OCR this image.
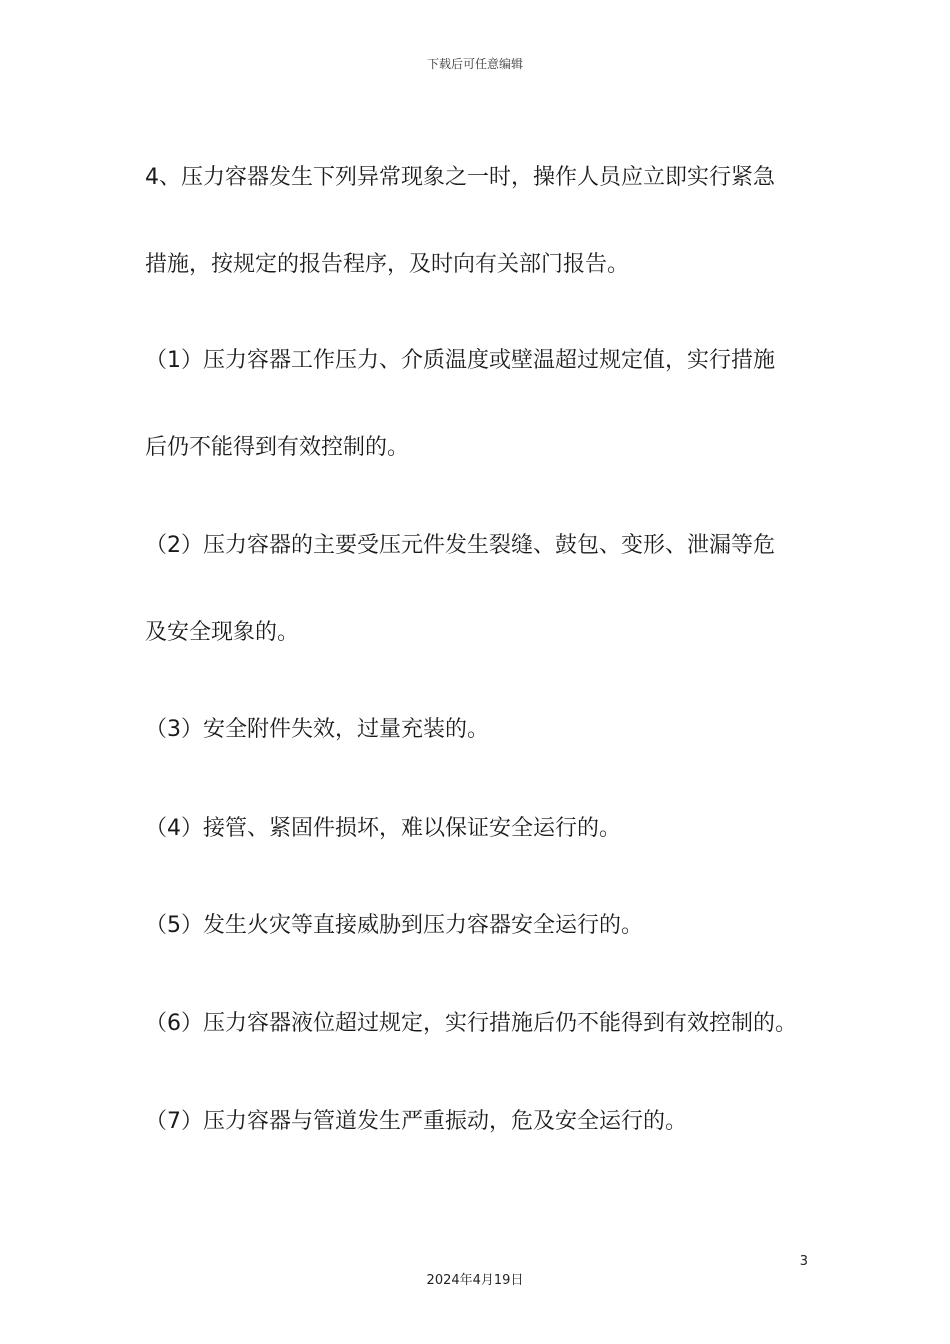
下载后可任意编辑

4、压力容器发生下列异常现象之一时，操作人员应立即实行紧急

措施，按规定的报告程序，及时向有关部门报告。

（1）压力容器工作压力、介质温度或壁温超过规定值，实行措施

后仍不能得到有效控制的。

（2）压力容器的主要受压元件发生裂缝、鼓包、变形、泄漏等危

及安全现象的。

（3）安全附件失效，过量充装的。

（4）接管、紧固件损坏，难以保证安全运行的。

（5）发生火灾等直接威胁到压力容器安全运行的。

（6）压力容器液位超过规定，实行措施后仍不能得到有效控制的。

（7）压力容器与管道发生严重振动，危及安全运行的。

3
2024年4月19日
